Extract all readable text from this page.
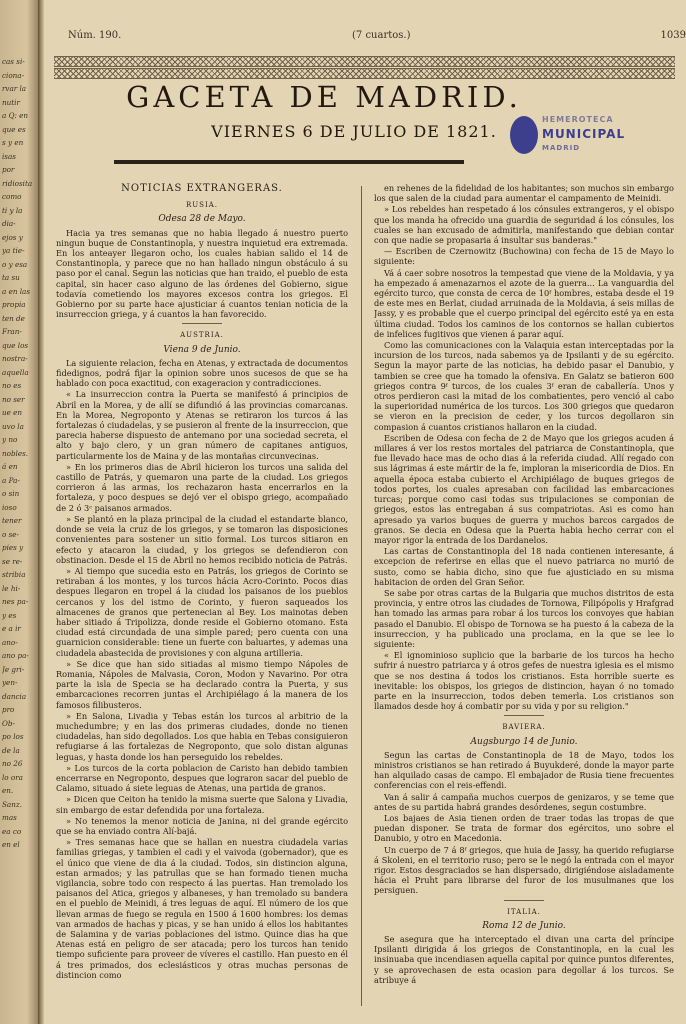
cas si-
ciona-
rvar la
nutir
a Q: en
que es
s y en
isas
por
ridiosita
como
ti y la
dia-
ejos y
ya tie-
o y esa
ta su
a en las
propia
ten de
Fran-
que los
nostra-
aquella
no es
no ser
ue en
uvo la
y no
nobles.
á en
a Pa-
o sin
ioso
tener
o se-
pies y
se re-
stribia
le hi-
nes pa-
y es
e a ir
ano-
ano pa-
Je gri-
yen-
dancia
pro
Ob-
po los
de la
no 26
lo ora
en.
Sanz.
mas
ea co
en el
Núm. 190.	(7 cuartos.)	1039
GACETA DE MADRID.
VIERNES 6 DE JULIO DE 1821.
HEMEROTECA
MUNICIPAL
MADRID
NOTICIAS EXTRANGERAS.
RUSIA.
Odesa 28 de Mayo.

Hacia ya tres semanas que no habia llegado á nuestro puerto ningun buque de Constantinopla, y nuestra inquietud era extremada. En los anteayer llegaron ocho, los cuales habian salido el 14 de Constantinopla, y parece que no han hallado ningun obstáculo á su paso por el canal. Segun las noticias que han traido, el pueblo de esta capital, sin hacer caso alguno de las órdenes del Gobierno, sigue todavía cometiendo los mayores excesos contra los griegos. El Gobierno por su parte hace ajusticiar á cuantos tenian noticia de la insurreccion griega, y á cuantos la han favorecido.

AUSTRIA.
Viena 9 de Junio.

La siguiente relacion, fecha en Atenas, y extractada de documentos fidedignos, podrá fijar la opinion sobre unos sucesos de que se ha hablado con poca exactitud, con exageracion y contradicciones.

« La insurreccion contra la Puerta se manifestó á principios de Abril en la Morea, y de allí se difundió á las provincias comarcanas. En la Morea, Negroponto y Atenas se retiraron los turcos á las fortalezas ó ciudadelas, y se pusieron al frente de la insurreccion, que parecia haberse dispuesto de antemano por una sociedad secreta, el alto y bajo clero, y un gran número de capitanes antiguos, particularmente los de Maina y de las montañas circunvecinas.

» En los primeros dias de Abril hicieron los turcos una salida del castillo de Patrás, y quemaron una parte de la ciudad. Los griegos corrieron á las armas, los rechazaron hasta encerrarlos en la fortaleza, y poco despues se dejó ver el obispo griego, acompañado de 2 ó 3ᶜ paisanos armados.

» Se plantó en la plaza principal de la ciudad el estandarte blanco, donde se veia la cruz de los griegos, y se tomaron las disposiciones convenientes para sostener un sitio formal. Los turcos sitiaron en efecto y atacaron la ciudad, y los griegos se defendieron con obstinacion. Desde el 15 de Abril no hemos recibido noticia de Patrás.

» Al tiempo que sucedia esto en Patrás, los griegos de Corinto se retiraban á los montes, y los turcos hácia Acro-Corinto. Pocos dias despues llegaron en tropel á la ciudad los paisanos de los pueblos cercanos y los del istmo de Corinto, y fueron saqueados los almacenes de granos que pertenecian al Bey. Los mainotas deben haber sitiado á Tripolizza, donde reside el Gobierno otomano. Esta ciudad está circundada de una simple pared; pero cuenta con una guarnicion considerable: tiene un fuerte con baluartes, y ademas una ciudadela abastecida de provisiones y con alguna artilleria.

» Se dice que han sido sitiadas al mismo tiempo Nápoles de Romania, Nápoles de Malvasia, Coron, Modon y Navarino. Por otra parte la isla de Specia se ha declarado contra la Puerta, y sus embarcaciones recorren juntas el Archipiélago á la manera de los famosos filibusteros.

» En Salona, Livadia y Tebas están los turcos al arbitrio de la muchedumbre; y en las dos primeras ciudades, donde no tienen ciudadelas, han sido degollados. Los que habia en Tebas consiguieron refugiarse á las fortalezas de Negroponto, que solo distan algunas leguas, y hasta donde los han perseguido los rebeldes.

» Los turcos de la corta poblacion de Caristo han debido tambien encerrarse en Negroponto, despues que lograron sacar del pueblo de Calamo, situado á siete leguas de Atenas, una partida de granos.

» Dicen que Ceiton ha tenido la misma suerte que Salona y Livadia, sin embargo de estar defendida por una fortaleza.

» No tenemos la menor noticia de Janina, ni del grande egército que se ha enviado contra Alí-bajá.

» Tres semanas hace que se hallan en nuestra ciudadela varias familias griegas, y tambien el cadi y el vaivoda (gobernador), que es el único que viene de dia á la ciudad. Todos, sin distincion alguna, estan armados; y las patrullas que se han formado tienen mucha vigilancia, sobre todo con respecto á las puertas. Han tremolado los paisanos del Atica, griegos y albaneses, y han tremolado su bandera en el pueblo de Meinidi, á tres leguas de aquí. El número de los que llevan armas de fuego se regula en 1500 á 1600 hombres: los demas van armados de hachas y picas, y se han unido á ellos los habitantes de Salamina y de varias poblaciones del istmo. Quince dias ha que Atenas está en peligro de ser atacada; pero los turcos han tenido tiempo suficiente para proveer de víveres el castillo. Han puesto en él á tres primados, dos eclesiásticos y otras muchas personas de distincion como

en rehenes de la fidelidad de los habitantes; son muchos sin embargo los que salen de la ciudad para aumentar el campamento de Meinidi.

» Los rebeldes han respetado á los cónsules extrangeros, y el obispo que los manda ha ofrecido una guardia de seguridad á los cónsules, los cuales se han excusado de admitirla, manifestando que debian contar con que nadie se propasaria á insultar sus banderas."

— Escriben de Czernowitz (Buchowina) con fecha de 15 de Mayo lo siguiente:

Vá á caer sobre nosotros la tempestad que viene de la Moldavia, y ya ha empezado á amenazarnos el azote de la guerra... La vanguardia del egército turco, que consta de cerca de 10ᶠ hombres, estaba desde el 19 de este mes en Berlat, ciudad arruinada de la Moldavia, á seis millas de Jassy, y es probable que el cuerpo principal del egército esté ya en esta última ciudad. Todos los caminos de los contornos se hallan cubiertos de infelices fugitivos que vienen á parar aquí.

Como las comunicaciones con la Valaquia estan interceptadas por la incursion de los turcos, nada sabemos ya de Ipsilanti y de su egército. Segun la mayor parte de las noticias, ha debido pasar el Danubio, y tambien se cree que ha tomado la ofensiva. En Galatz se batieron 600 griegos contra 9ᶠ turcos, de los cuales 3ᶠ eran de caballería. Unos y otros perdieron casi la mitad de los combatientes, pero venció al cabo la superioridad numérica de los turcos. Los 300 griegos que quedaron se vieron en la precision de ceder, y los turcos degollaron sin compasion á cuantos cristianos hallaron en la ciudad.

Escriben de Odesa con fecha de 2 de Mayo que los griegos acuden á millares á ver los restos mortales del patriarca de Constantinopla, que fue llevado hace mas de ocho dias á la referida ciudad. Allí regado con sus lágrimas á este mártir de la fe, imploran la misericordia de Dios. En aquella época estaba cubierto el Archipiélago de buques griegos de todos portes, los cuales apresaban con facilidad las embarcaciones turcas; porque como casi todas sus tripulaciones se componian de griegos, estos las entregaban á sus compatriotas. Asi es como han apresado ya varios buques de guerra y muchos barcos cargados de granos. Se decia en Odesa que la Puerta habia hecho cerrar con el mayor rigor la entrada de los Dardanelos.

Las cartas de Constantinopla del 18 nada contienen interesante, á excepcion de referirse en ellas que el nuevo patriarca no murió de susto, como se habia dicho, sino que fue ajusticiado en su misma habitacion de orden del Gran Señor.

Se sabe por otras cartas de la Bulgaria que muchos distritos de esta provincia, y entre otros las ciudades de Tornowa, Filipópolis y Hrafgrad han tomado las armas para robar á los turcos los convoyes que habian pasado el Danubio. El obispo de Tornowa se ha puesto á la cabeza de la insurreccion, y ha publicado una proclama, en la que se lee lo siguiente:

« El ignominioso suplicio que la barbarie de los turcos ha hecho sufrir á nuestro patriarca y á otros gefes de nuestra iglesia es el mismo que se nos destina á todos los cristianos. Esta horrible suerte es inevitable: los obispos, los griegos de distincion, hayan ó no tomado parte en la insurreccion, todos deben temerla. Los cristianos son llamados desde hoy á combatir por su vida y por su religion."

BAVIERA.
Augsburgo 14 de Junio.

Segun las cartas de Constantinopla de 18 de Mayo, todos los ministros cristianos se han retirado á Buyukderé, donde la mayor parte han alquilado casas de campo. El embajador de Rusia tiene frecuentes conferencias con el reis-effendi.

Van á salir á campaña muchos cuerpos de genizaros, y se teme que antes de su partida habrá grandes desórdenes, segun costumbre.

Los bajaes de Asia tienen orden de traer todas las tropas de que puedan disponer. Se trata de formar dos egércitos, uno sobre el Danubio, y otro en Macedonia.

Un cuerpo de 7 á 8ᶠ griegos, que huia de Jassy, ha querido refugiarse á Skoleni, en el territorio ruso; pero se le negó la entrada con el mayor rigor. Estos desgraciados se han dispersado, dirigiéndose aisladamente hácia el Pruht para librarse del furor de los musulmanes que los persiguen.

ITALIA.
Roma 12 de Junio.

Se asegura que ha interceptado el divan una carta del príncipe Ipsilanti dirigida á los griegos de Constantinopla, en la cual les insinuaba que incendiasen aquella capital por quince puntos diferentes, y se aprovechasen de esta ocasion para degollar á los turcos. Se atribuye á
